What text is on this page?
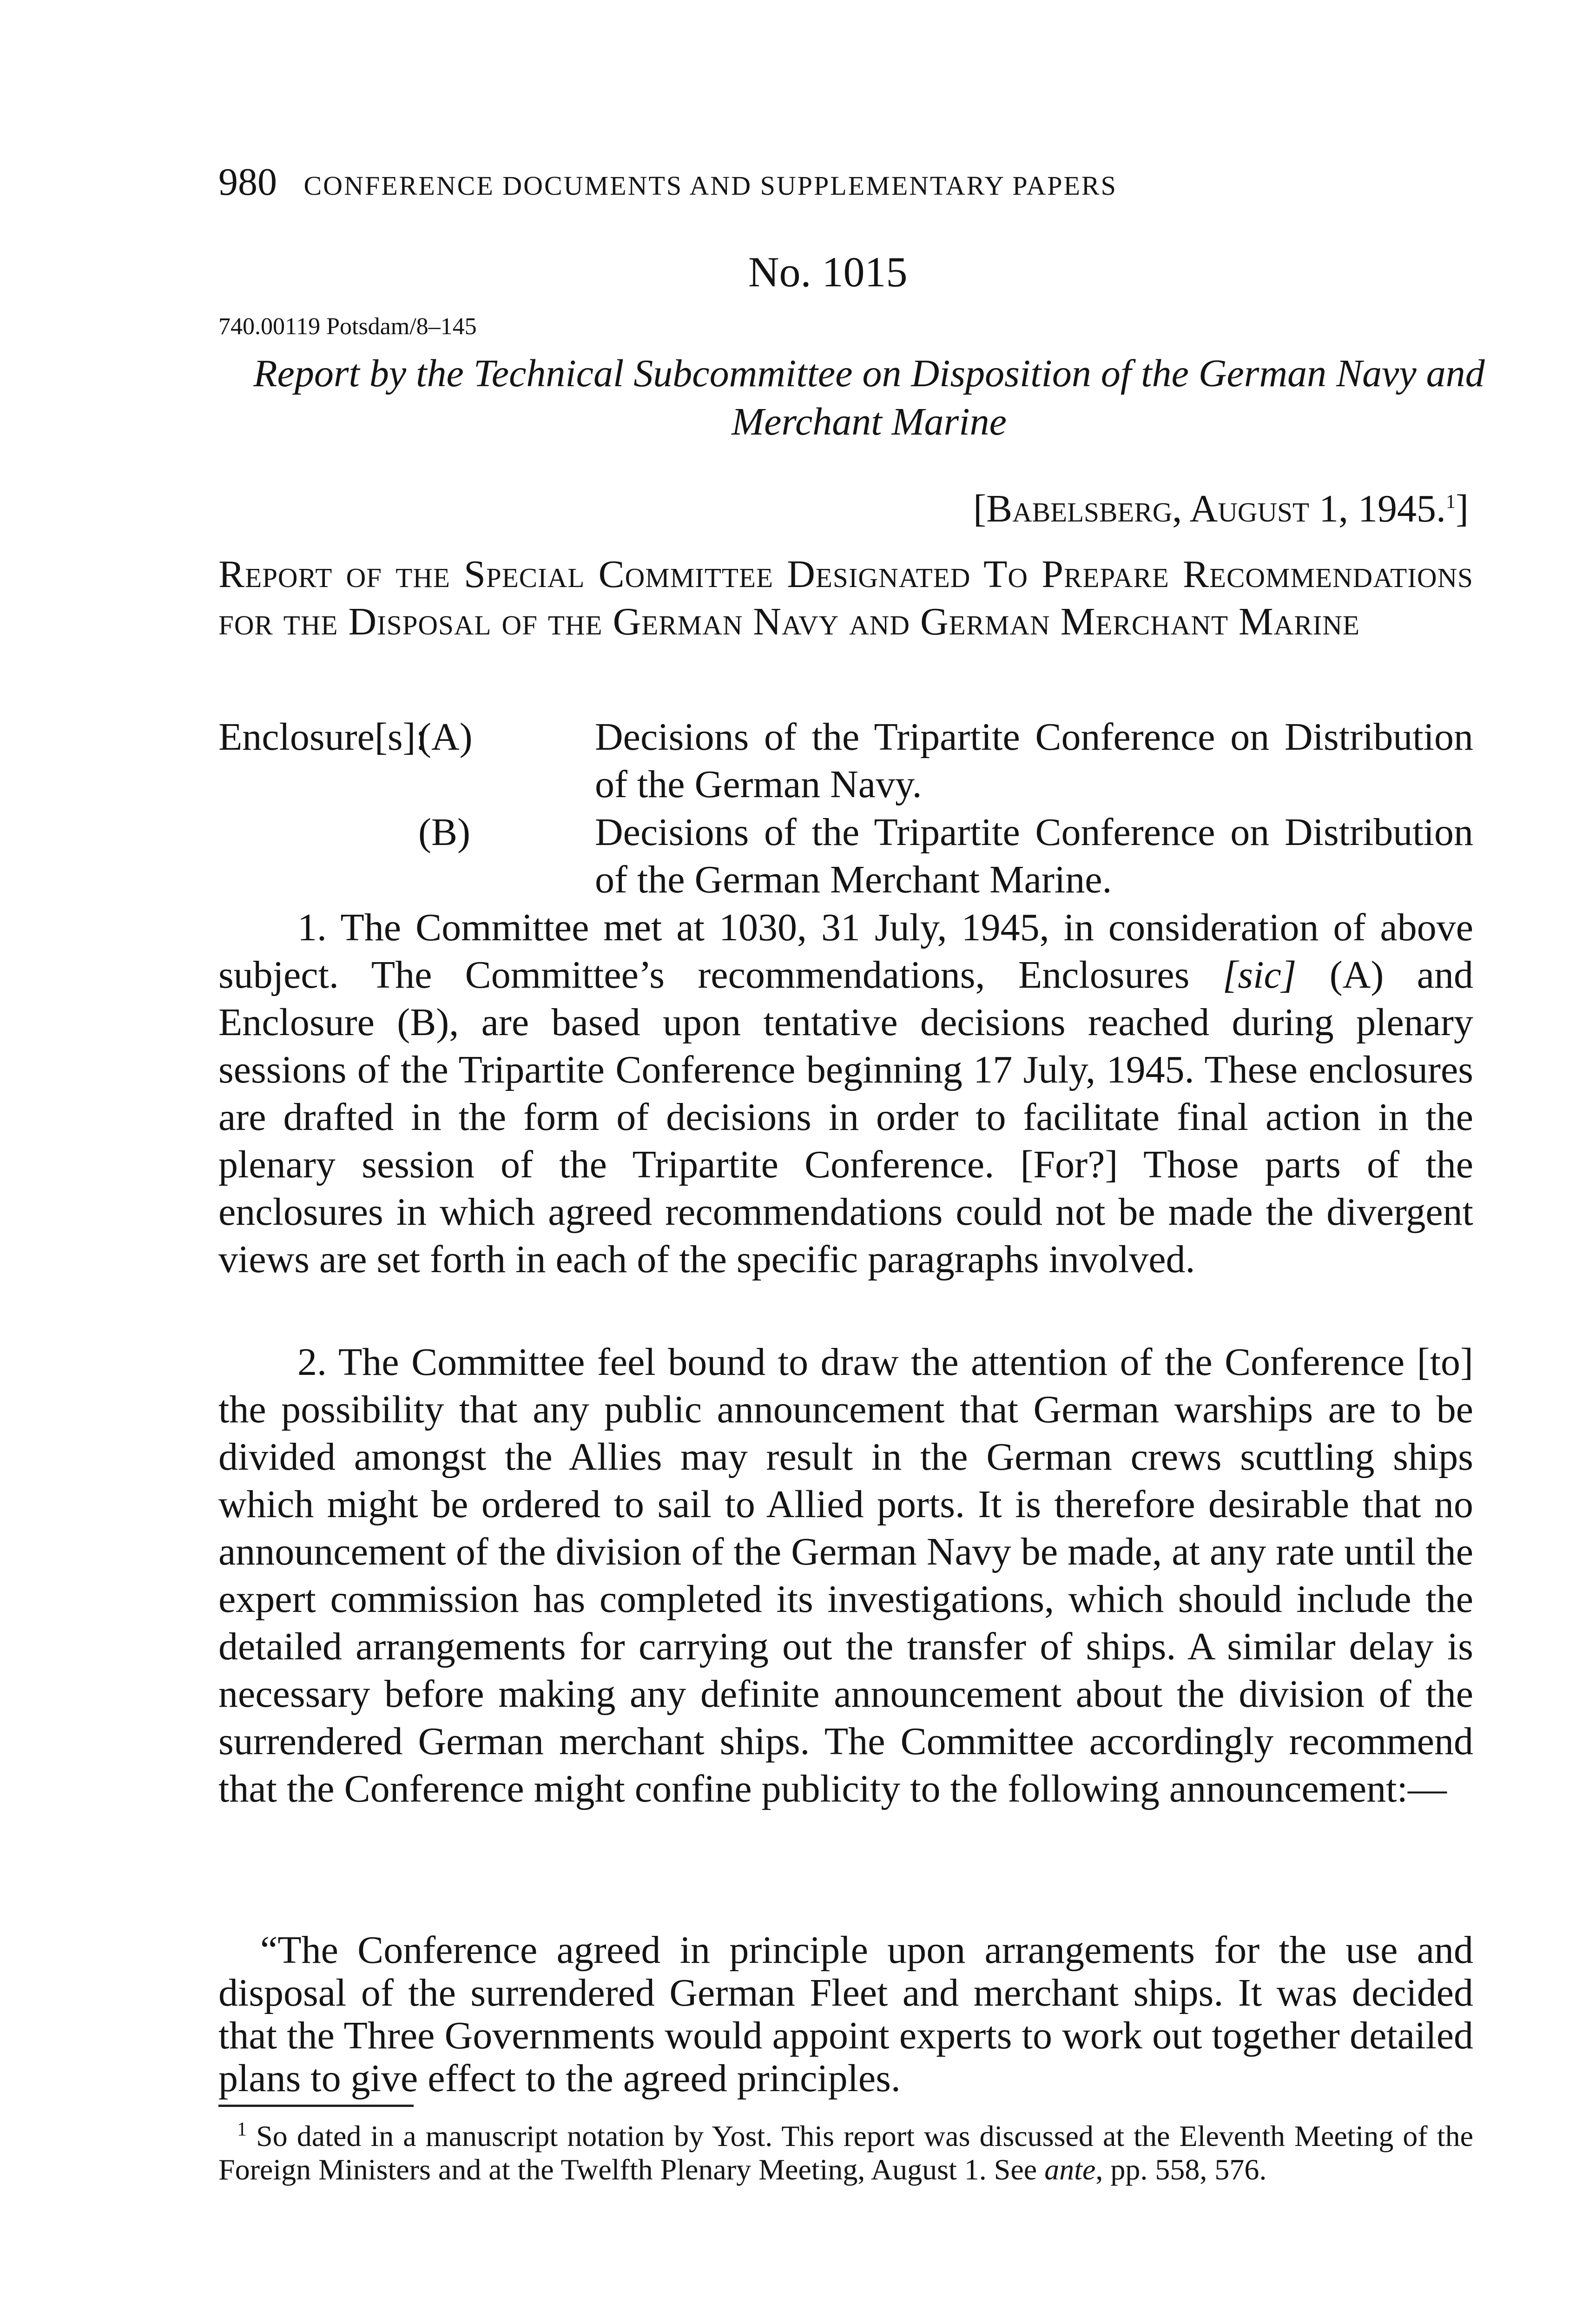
980 CONFERENCE DOCUMENTS AND SUPPLEMENTARY PAPERS
No. 1015
740.00119 Potsdam/8–145
Report by the Technical Subcommittee on Disposition of the German Navy and Merchant Marine
[Babelsberg, August 1, 1945.$^1$]
Report of the Special Committee Designated To Prepare Recommendations for the Disposal of the German Navy and German Merchant Marine
Enclosure[s]:
(A)	Decisions of the Tripartite Conference on Distribution of the German Navy.
(B)	Decisions of the Tripartite Conference on Distribution of the German Merchant Marine.
1. The Committee met at 1030, 31 July, 1945, in consideration of above subject. The Committee’s recommendations, Enclosures [sic] (A) and Enclosure (B), are based upon tentative decisions reached during plenary sessions of the Tripartite Conference beginning 17 July, 1945. These enclosures are drafted in the form of decisions in order to facilitate final action in the plenary session of the Tripartite Conference. [For?] Those parts of the enclosures in which agreed recommendations could not be made the divergent views are set forth in each of the specific paragraphs involved.
2. The Committee feel bound to draw the attention of the Conference [to] the possibility that any public announcement that German warships are to be divided amongst the Allies may result in the German crews scuttling ships which might be ordered to sail to Allied ports. It is therefore desirable that no announcement of the division of the German Navy be made, at any rate until the expert commission has completed its investigations, which should include the detailed arrangements for carrying out the transfer of ships. A similar delay is necessary before making any definite announcement about the division of the surrendered German merchant ships. The Committee accordingly recommend that the Conference might confine publicity to the following announcement:—
“The Conference agreed in principle upon arrangements for the use and disposal of the surrendered German Fleet and merchant ships. It was decided that the Three Governments would appoint experts to work out together detailed plans to give effect to the agreed principles.
$^1$ So dated in a manuscript notation by Yost. This report was discussed at the Eleventh Meeting of the Foreign Ministers and at the Twelfth Plenary Meeting, August 1. See ante, pp. 558, 576.
